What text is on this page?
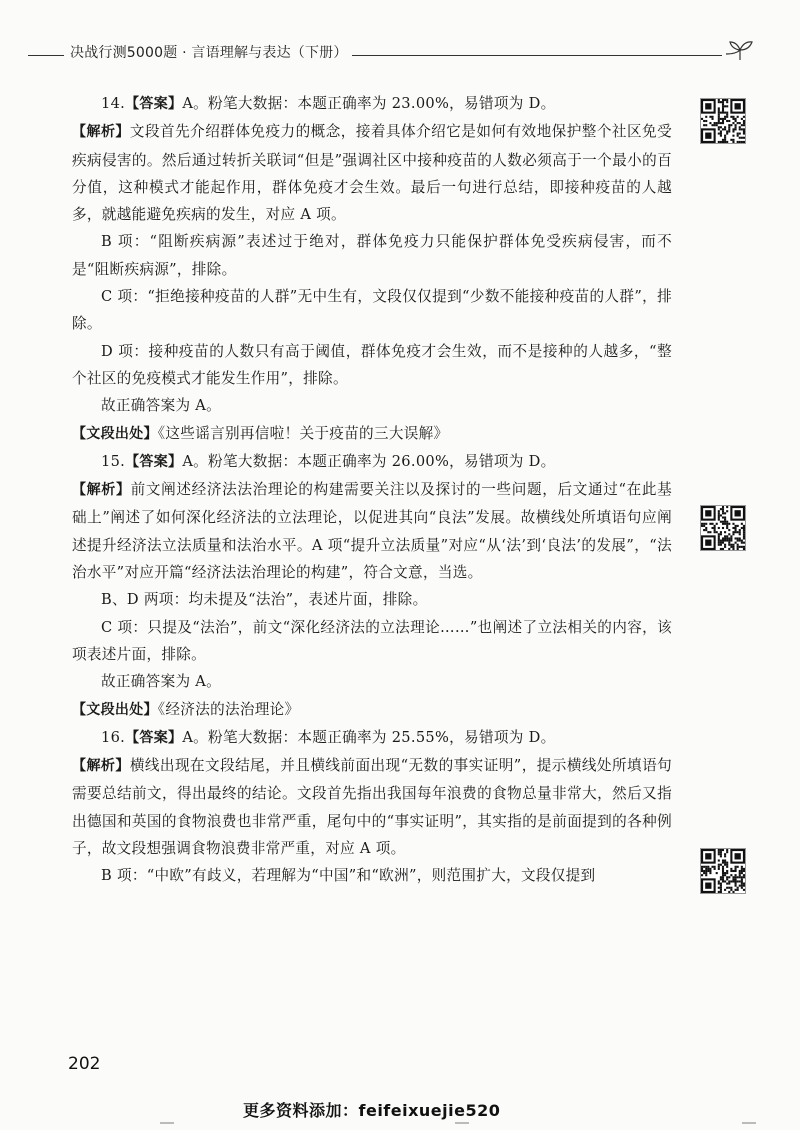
决战行测5000题 · 言语理解与表达（下册）

14.【答案】A。粉笔大数据：本题正确率为 23.00%，易错项为 D。

【解析】文段首先介绍群体免疫力的概念，接着具体介绍它是如何有效地保护整个社区免受疾病侵害的。然后通过转折关联词“但是”强调社区中接种疫苗的人数必须高于一个最小的百分值，这种模式才能起作用，群体免疫才会生效。最后一句进行总结，即接种疫苗的人越多，就越能避免疾病的发生，对应 A 项。

B 项：“阻断疾病源”表述过于绝对，群体免疫力只能保护群体免受疾病侵害，而不是“阻断疾病源”，排除。

C 项：“拒绝接种疫苗的人群”无中生有，文段仅仅提到“少数不能接种疫苗的人群”，排除。

D 项：接种疫苗的人数只有高于阈值，群体免疫才会生效，而不是接种的人越多，“整个社区的免疫模式才能发生作用”，排除。

故正确答案为 A。

【文段出处】《这些谣言别再信啦！关于疫苗的三大误解》

15.【答案】A。粉笔大数据：本题正确率为 26.00%，易错项为 D。

【解析】前文阐述经济法法治理论的构建需要关注以及探讨的一些问题，后文通过“在此基础上”阐述了如何深化经济法的立法理论，以促进其向“良法”发展。故横线处所填语句应阐述提升经济法立法质量和法治水平。A 项“提升立法质量”对应“从‘法’到‘良法’的发展”，“法治水平”对应开篇“经济法法治理论的构建”，符合文意，当选。

B、D 两项：均未提及“法治”，表述片面，排除。

C 项：只提及“法治”，前文“深化经济法的立法理论……”也阐述了立法相关的内容，该项表述片面，排除。

故正确答案为 A。

【文段出处】《经济法的法治理论》

16.【答案】A。粉笔大数据：本题正确率为 25.55%，易错项为 D。

【解析】横线出现在文段结尾，并且横线前面出现“无数的事实证明”，提示横线处所填语句需要总结前文，得出最终的结论。文段首先指出我国每年浪费的食物总量非常大，然后又指出德国和英国的食物浪费也非常严重，尾句中的“事实证明”，其实指的是前面提到的各种例子，故文段想强调食物浪费非常严重，对应 A 项。

B 项：“中欧”有歧义，若理解为“中国”和“欧洲”，则范围扩大，文段仅提到

202
更多资料添加：feifeixuejie520
